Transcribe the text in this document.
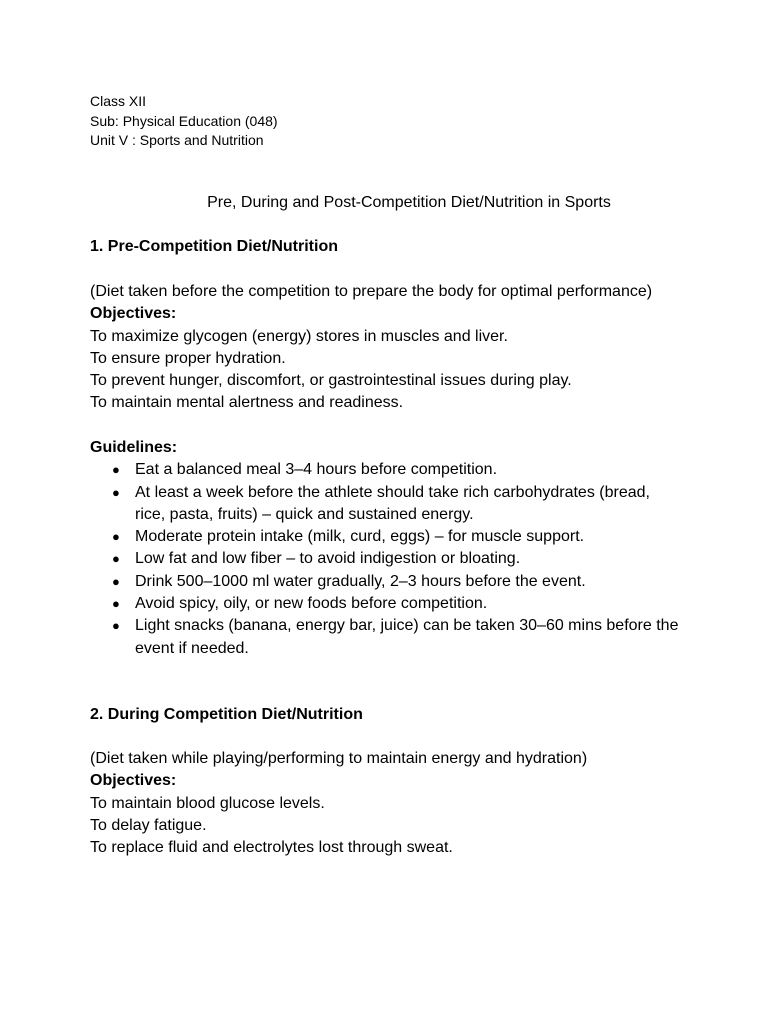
Class XII
Sub: Physical Education (048)
Unit V : Sports and Nutrition
Pre, During and Post-Competition Diet/Nutrition in Sports

1. Pre-Competition Diet/Nutrition

(Diet taken before the competition to prepare the body for optimal performance)

Objectives:

To maximize glycogen (energy) stores in muscles and liver.

To ensure proper hydration.

To prevent hunger, discomfort, or gastrointestinal issues during play.

To maintain mental alertness and readiness.

Guidelines:

● Eat a balanced meal 3–4 hours before competition.
● At least a week before the athlete should take rich carbohydrates (bread, rice, pasta, fruits) – quick and sustained energy.
● Moderate protein intake (milk, curd, eggs) – for muscle support.
● Low fat and low fiber – to avoid indigestion or bloating.
● Drink 500–1000 ml water gradually, 2–3 hours before the event.
● Avoid spicy, oily, or new foods before competition.
● Light snacks (banana, energy bar, juice) can be taken 30–60 mins before the event if needed.

2. During Competition Diet/Nutrition

(Diet taken while playing/performing to maintain energy and hydration)

Objectives:

To maintain blood glucose levels.

To delay fatigue.

To replace fluid and electrolytes lost through sweat.
